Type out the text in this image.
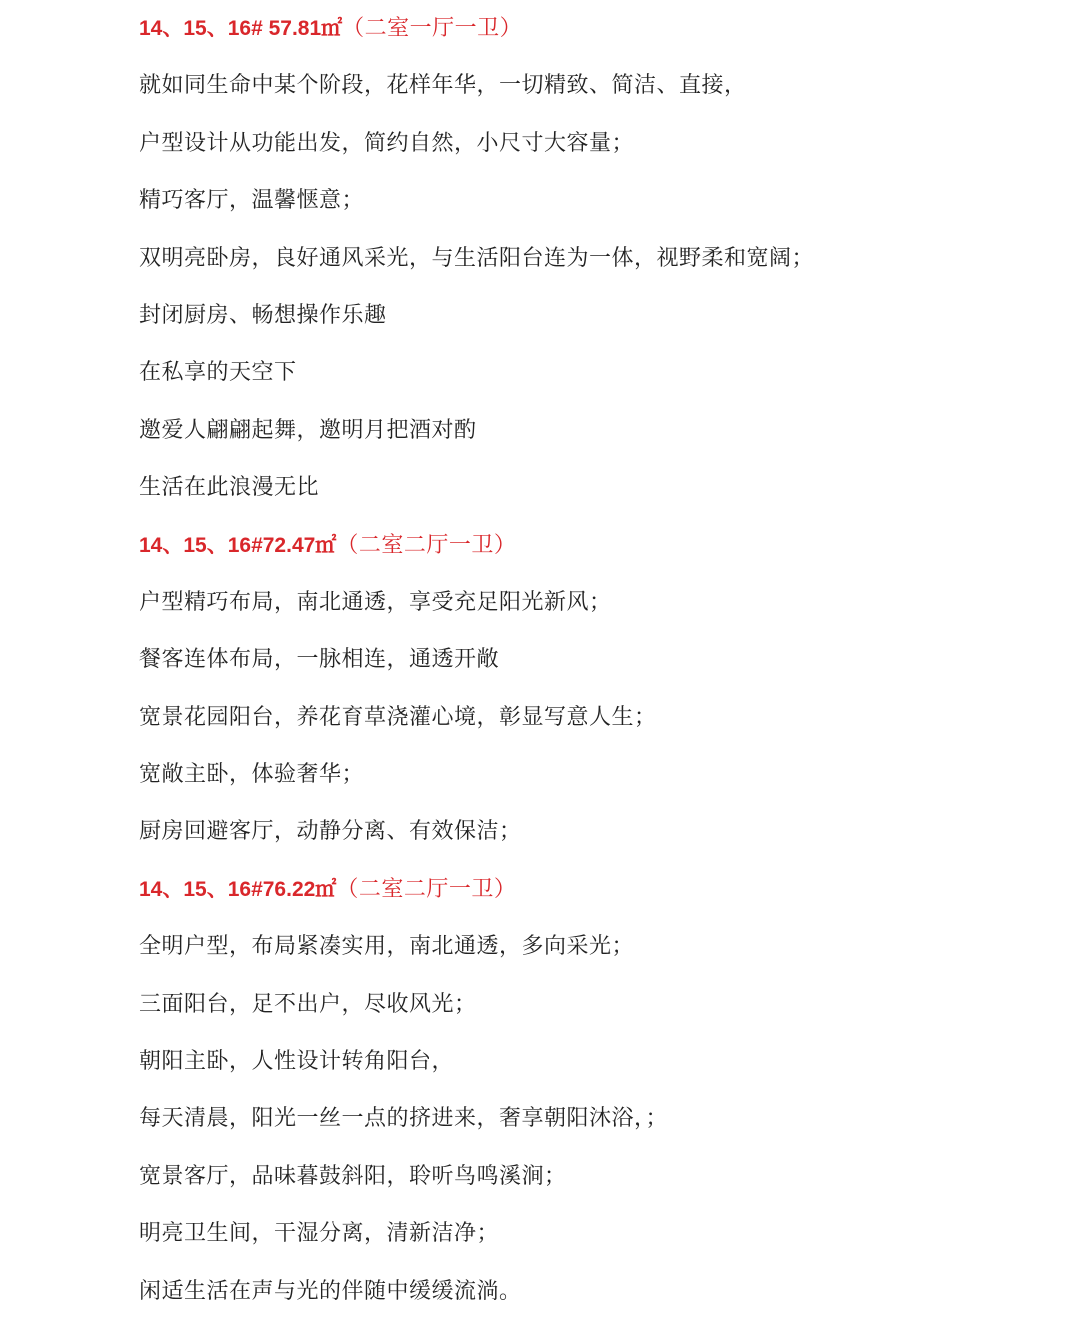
14、15、16# 57.81㎡（二室一厅一卫）
就如同生命中某个阶段，花样年华，一切精致、简洁、直接，
户型设计从功能出发，简约自然，小尺寸大容量；
精巧客厅，温馨惬意；
双明亮卧房，良好通风采光，与生活阳台连为一体，视野柔和宽阔；
封闭厨房、畅想操作乐趣
在私享的天空下
邀爱人翩翩起舞，邀明月把酒对酌
生活在此浪漫无比
14、15、16#72.47㎡（二室二厅一卫）
户型精巧布局，南北通透，享受充足阳光新风；
餐客连体布局，一脉相连，通透开敞
宽景花园阳台，养花育草浇灌心境，彰显写意人生；
宽敞主卧，体验奢华；
厨房回避客厅，动静分离、有效保洁；
14、15、16#76.22㎡（二室二厅一卫）
全明户型，布局紧凑实用，南北通透，多向采光；
三面阳台，足不出户，尽收风光；
朝阳主卧，人性设计转角阳台，
每天清晨，阳光一丝一点的挤进来，奢享朝阳沐浴，；
宽景客厅，品味暮鼓斜阳，聆听鸟鸣溪涧；
明亮卫生间，干湿分离，清新洁净；
闲适生活在声与光的伴随中缓缓流淌。
